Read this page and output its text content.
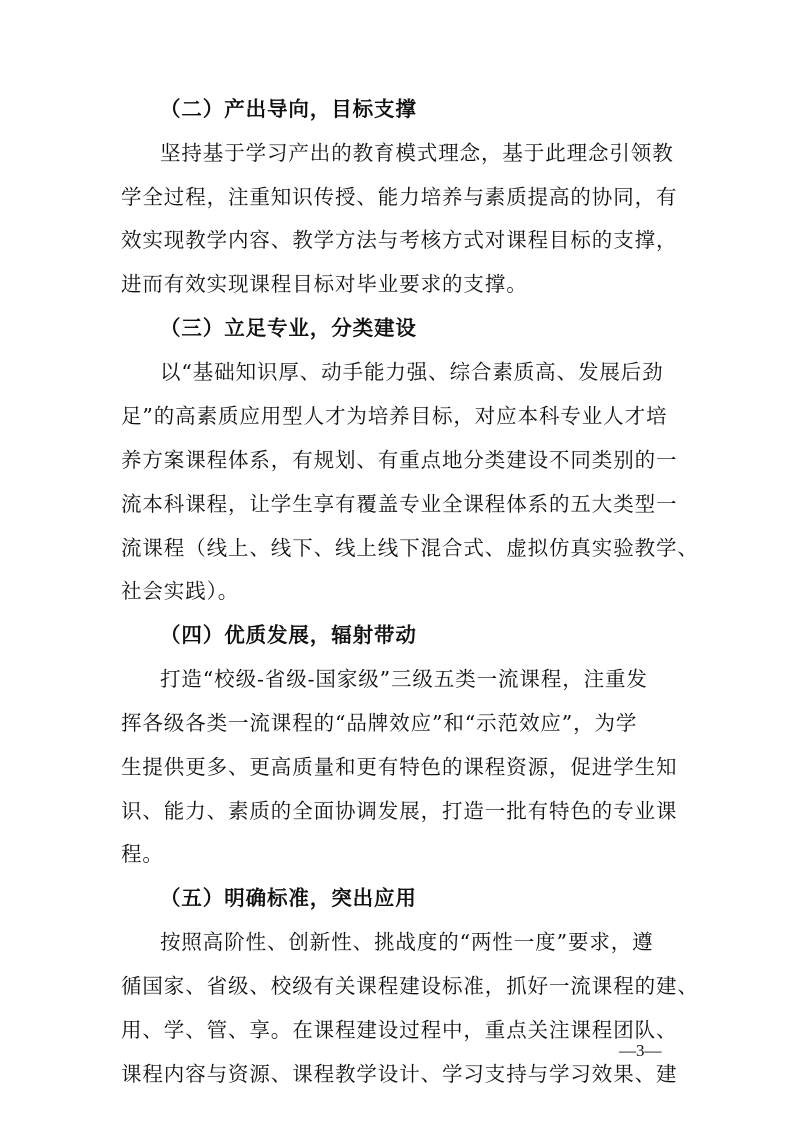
（二）产出导向，目标支撑
坚持基于学习产出的教育模式理念，基于此理念引领教
学全过程，注重知识传授、能力培养与素质提高的协同，有
效实现教学内容、教学方法与考核方式对课程目标的支撑，
进而有效实现课程目标对毕业要求的支撑。
（三）立足专业，分类建设
以“基础知识厚、动手能力强、综合素质高、发展后劲
足”的高素质应用型人才为培养目标，对应本科专业人才培
养方案课程体系，有规划、有重点地分类建设不同类别的一
流本科课程，让学生享有覆盖专业全课程体系的五大类型一
流课程（线上、线下、线上线下混合式、虚拟仿真实验教学、
社会实践）。
（四）优质发展，辐射带动
打造“校级-省级-国家级”三级五类一流课程，注重发
挥各级各类一流课程的“品牌效应”和“示范效应”，为学
生提供更多、更高质量和更有特色的课程资源，促进学生知
识、能力、素质的全面协调发展，打造一批有特色的专业课
程。
（五）明确标准，突出应用
按照高阶性、创新性、挑战度的“两性一度”要求，遵
循国家、省级、校级有关课程建设标准，抓好一流课程的建、
用、学、管、享。在课程建设过程中，重点关注课程团队、
课程内容与资源、课程教学设计、学习支持与学习效果、建
—3—
